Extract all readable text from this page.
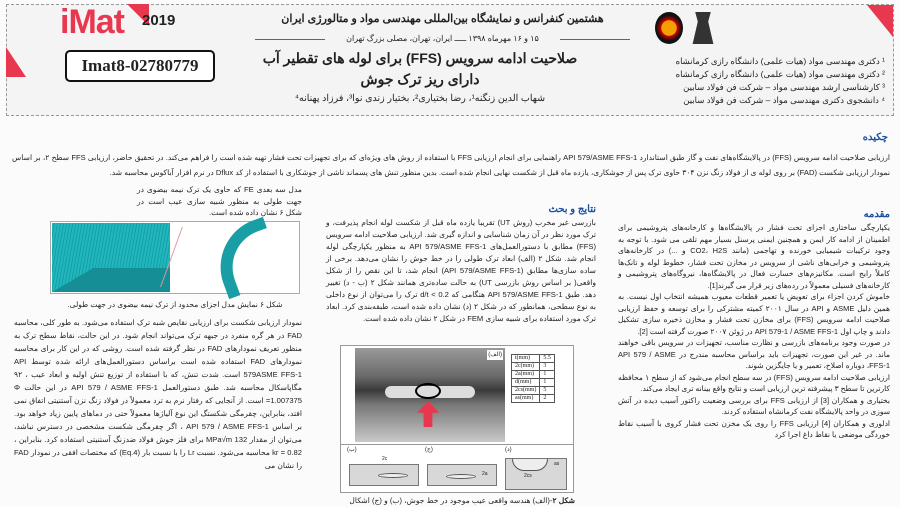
iMat 2019
Imat8-02780779
هشتمین کنفرانس و نمایشگاه بین‌المللی مهندسی مواد و متالورژی ایران
۱۵ و ۱۶ مهرماه ۱۳۹۸ ـــــ ایران، تهران، مصلی بزرگ تهران
صلاحیت ادامه سرویس (FFS) برای لوله های تقطیر آب
دارای ریز ترک جوش
شهاب الدین زنگنه¹، رضا بختیاری²، بختیار زندی نوا³، فرزاد پهنانه⁴
¹ دکتری مهندسی مواد (هیات علمی) دانشگاه رازی کرمانشاه
² دکتری مهندسی مواد (هیات علمی) دانشگاه رازی کرمانشاه
³ کارشناسی ارشد مهندسی مواد – شرکت فن فولاد سابین
⁴ دانشجوی دکتری مهندسی مواد – شرکت فن فولاد سابین
چکیده
ارزیابی صلاحیت ادامه سرویس (FFS) در پالایشگاه‌های نفت و گاز طبق استاندارد API 579/ASME FFS-1 راهنمایی برای انجام ارزیابی FFS با استفاده از روش های ویژه‌ای که برای تجهیزات تحت فشار تهیه شده است را فراهم می‌کند. در تحقیق حاضر، ارزیابی FFS سطح ۲، بر اساس نمودار ارزیابی شکست (FAD) بر روی لوله ی از فولاد زنگ نزن ۳۰۴ حاوی ترک پس از جوشکاری، یازده ماه قبل از شکست نهایی انجام شده است. بدین منظور تنش های پسماند ناشی از جوشکاری با استفاده از کد Dflux در نرم افزار آباکوس محاسبه شد.
مقدمه

یکپارچگی ساختاری اجزای تحت فشار در پالایشگاه‌ها و کارخانه‌های پتروشیمی برای اطمینان از ادامه کار ایمن و همچنین ایمنی پرسنل بسیار مهم تلقی می شود. با توجه به وجود ترکیبات شیمیایی خورنده و تهاجمی (مانند CO2، H2S و ...) در کارخانه‌های پتروشیمی و خرابی‌های ناشی از سرویس در مخازن تحت فشار، خطوط لوله و تانک‌ها کاملاً رایج است. مکانیزم‌های خسارت فعال در پالایشگاه‌ها، نیروگاه‌های پتروشیمی و کارخانه‌های فسیلی معمولاً در رده‌های زیر قرار می گیرند[1].

خاموش کردن اجزاء برای تعویض یا تعمیر قطعات معیوب همیشه انتخاب اول نیست. به همین دلیل ASME و API در سال ۲۰۰۱ کمیته مشترکی را برای توسعه و حفظ ارزیابی صلاحیت ادامه سرویس (FFS) برای مخازن تحت فشار و مخازن ذخیره سازی تشکیل دادند و چاپ اول API 579-1 / ASME FFS-1 در ژوئن ۲۰۰۷ صورت گرفته است [2].

در صورت وجود برنامه‌های بازرسی و نظارت مناسب، تجهیزات در سرویس باقی خواهند ماند. در غیر این صورت، تجهیزات باید براساس محاسبه مندرج در API 579 / ASME FFS-1، دوباره اصلاح، تعمیر و یا جایگزین شوند.

ارزیابی صلاحیت ادامه سرویس (FFS) در سه سطح انجام می‌شود که از سطح ۱ محافظه کارترین تا سطح ۳ پیشرفته ترین ارزیابی است و نتایج واقع بینانه تری ایجاد می‌کند.

بختیاری و همکاران [3] از ارزیابی FFS برای بررسی وضعیت راکتور آسیب دیده در آتش سوزی در واحد پالایشگاه نفت کرمانشاه استفاده کردند.

ادلوری و همکاران [4] ارزیابی FFS را روی یک مخزن تحت فشار کروی با آسیب نقاط خوردگی موضعی یا نقاط داغ اجرا کرد

نتایج و بحث

بازرسی غیر مخرب (روش UT) تقریبا یازده ماه قبل از شکست لوله انجام پذیرفت، و ترک مورد نظر در آن زمان شناسایی و اندازه گیری شد. ارزیابی صلاحیت ادامه سرویس (FFS) مطابق با دستورالعمل‌های API 579/ASME FFS-1 به منظور یکپارچگی لوله انجام شد. شکل ۲ (الف) ابعاد ترک طولی را در خط جوش را نشان می‌دهد. برخی از ساده سازی‌ها مطابق (API 579/ASME FFS-1) انجام شد، تا این نقص را از شکل واقعی( بر اساس روش بازرسی UT) به حالت ساده‌تری همانند شکل ۲ (ب - د) تغییر دهد. طبق API 579/ASME FFS-1 هنگامی که d/t < 0.2 ترک را می‌توان از نوع داخلی به نوع سطحی، همانطور که در شکل ۲ (د) نشان داده شده است، طبقه‌بندی کرد. ابعاد ترک مورد استفاده برای شبیه سازی FEM در شکل ۲ نشان داده شده است.

(الف) t(mm)	5.5
2c(mm)	3
2a(mm)	1
d(mm)	1
2cs(mm)	5
as(mm)	2
(ب)
2c
(ج)
2a
(د)
2cs
as
شکل ۲-(الف) هندسه واقعی عیب موجود در خط جوش، (ب) و (ج) اشکال

مدل سه بعدی FE که حاوی یک ترک نیمه بیضوی در جهت طولی به منظور شبیه سازی عیب است در شکل ۶ نشان داده شده است.

شکل ۶ نمایش مدل اجزای محدود از ترک نیمه بیضوی در جهت طولی.
نمودار ارزیابی شکست برای ارزیابی نقایص شبه ترک استفاده می‌شود. به طور کلی، محاسبه FAD در هر گره منفرد در جبهه ترک می‌تواند انجام شود. در این حالت، نقاط سطح ترک به منظور تعریف نمودارهای FAD در نظر گرفته شده است. روشی که در این کار برای محاسبه نمودارهای FAD استفاده شده است براساس دستورالعمل‌های ارائه شده توسط API 579ASME FFS-1 است. شدت تنش، که با استفاده از توزیع تنش اولیه و ابعاد عیب ، ۹۲ مگاپاسکال محاسبه شد. طبق دستورالعمل API 579 / ASME FFS-1 در این حالت Φ =1.007375 است. از آنجایی که رفتار نرم به ترد معمولاً در فولاد زنگ نزن آستنیتی اتفاق نمی افتد، بنابراین، چقرمگی شکستگ این نوع آلیاژها معمولاً حتی در دماهای پایین زیاد خواهد بود. بر اساس API 579 / ASME FFS-1 ، اگر چقرمگی شکست مشخصی در دسترس نباشد، می‌توان از مقدار 132 MPa√m برای فلز جوش فولاد ضدزنگ آستنیتی استفاده کرد. بنابراین ، kr = 0.82 محاسبه می‌شود. نسبت Lr را با نسبت بار (Eq.4) که مختصات افقی در نمودار FAD را نشان می
